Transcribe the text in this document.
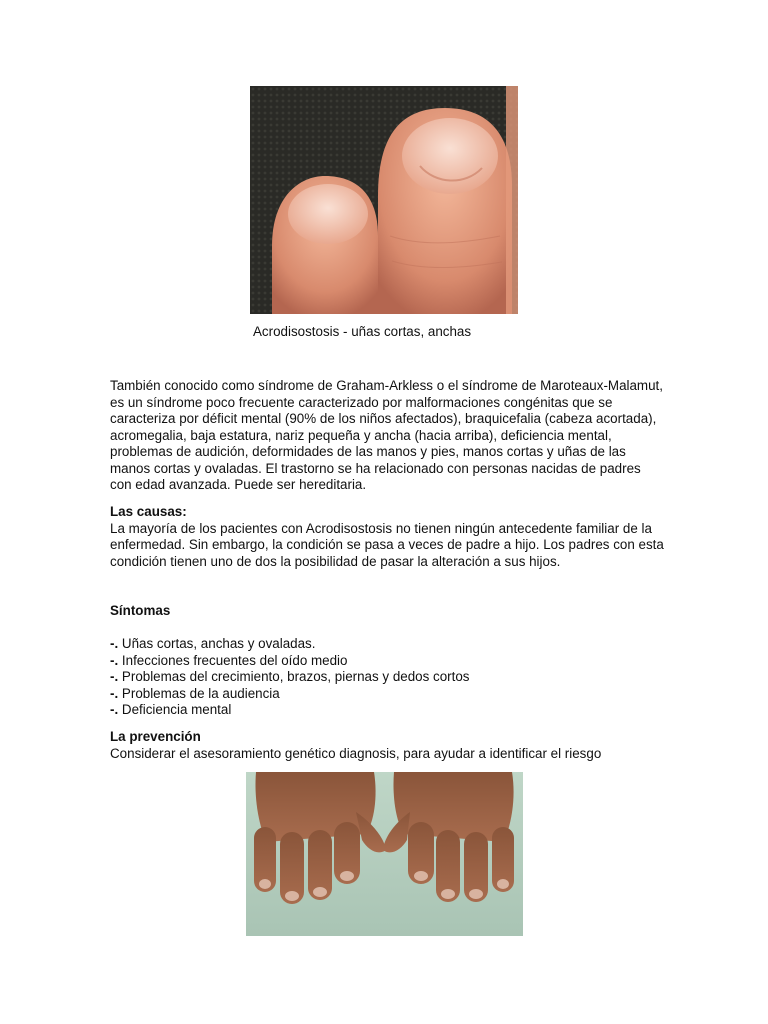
Acrodisostosis - uñas cortas, anchas

También conocido como síndrome de Graham-Arkless o el síndrome de Maroteaux-Malamut, es un síndrome poco frecuente caracterizado por malformaciones congénitas que se caracteriza por déficit mental (90% de los niños afectados), braquicefalia (cabeza acortada), acromegalia, baja estatura, nariz pequeña y ancha (hacia arriba), deficiencia mental, problemas de audición, deformidades de las manos y pies, manos cortas y uñas de las manos cortas y ovaladas. El trastorno se ha relacionado con personas nacidas de padres con edad avanzada. Puede ser hereditaria.

Las causas:

La mayoría de los pacientes con Acrodisostosis no tienen ningún antecedente familiar de la enfermedad. Sin embargo, la condición se pasa a veces de padre a hijo. Los padres con esta condición tienen uno de dos la posibilidad de pasar la alteración a sus hijos.

Síntomas

-. Uñas cortas, anchas y ovaladas.
-. Infecciones frecuentes del oído medio
-. Problemas del crecimiento, brazos, piernas y dedos cortos
-. Problemas de la audiencia
-. Deficiencia mental

La prevención

Considerar el asesoramiento genético diagnosis, para ayudar a identificar el riesgo
